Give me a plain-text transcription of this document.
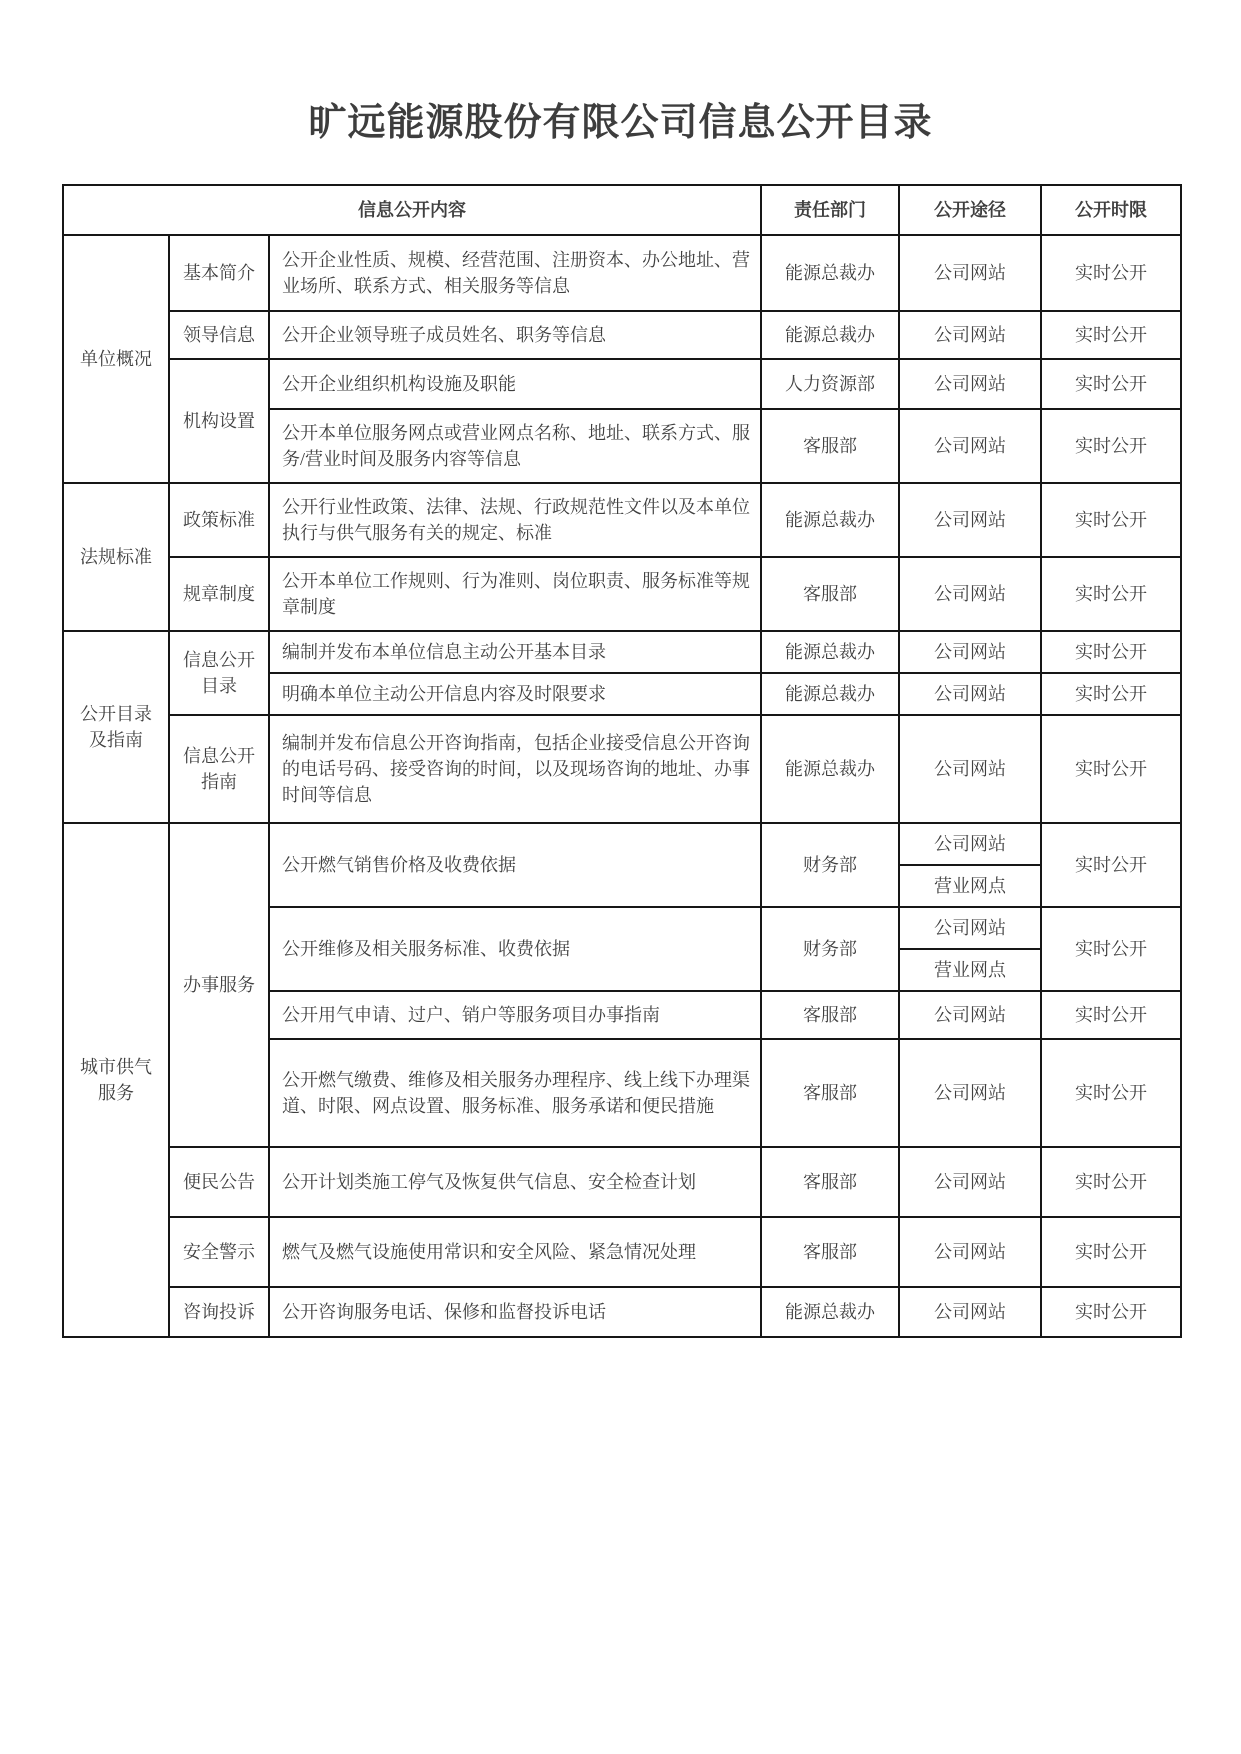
旷远能源股份有限公司信息公开目录
信息公开内容			责任部门	公开途径	公开时限
单位概况	基本简介	公开企业性质、规模、经营范围、注册资本、办公地址、营业场所、联系方式、相关服务等信息	能源总裁办	公司网站	实时公开
	领导信息	公开企业领导班子成员姓名、职务等信息	能源总裁办	公司网站	实时公开
	机构设置	公开企业组织机构设施及职能	人力资源部	公司网站	实时公开
		公开本单位服务网点或营业网点名称、地址、联系方式、服务/营业时间及服务内容等信息	客服部	公司网站	实时公开
法规标准	政策标准	公开行业性政策、法律、法规、行政规范性文件以及本单位执行与供气服务有关的规定、标准	能源总裁办	公司网站	实时公开
	规章制度	公开本单位工作规则、行为准则、岗位职责、服务标准等规章制度	客服部	公司网站	实时公开
公开目录及指南	信息公开目录	编制并发布本单位信息主动公开基本目录	能源总裁办	公司网站	实时公开
		明确本单位主动公开信息内容及时限要求	能源总裁办	公司网站	实时公开
	信息公开指南	编制并发布信息公开咨询指南，包括企业接受信息公开咨询的电话号码、接受咨询的时间，以及现场咨询的地址、办事时间等信息	能源总裁办	公司网站	实时公开
城市供气服务	办事服务	公开燃气销售价格及收费依据	财务部	公司网站	实时公开
				营业网点	
		公开维修及相关服务标准、收费依据	财务部	公司网站	实时公开
				营业网点	
		公开用气申请、过户、销户等服务项目办事指南	客服部	公司网站	实时公开
		公开燃气缴费、维修及相关服务办理程序、线上线下办理渠道、时限、网点设置、服务标准、服务承诺和便民措施	客服部	公司网站	实时公开
	便民公告	公开计划类施工停气及恢复供气信息、安全检查计划	客服部	公司网站	实时公开
	安全警示	燃气及燃气设施使用常识和安全风险、紧急情况处理	客服部	公司网站	实时公开
	咨询投诉	公开咨询服务电话、保修和监督投诉电话	能源总裁办	公司网站	实时公开
